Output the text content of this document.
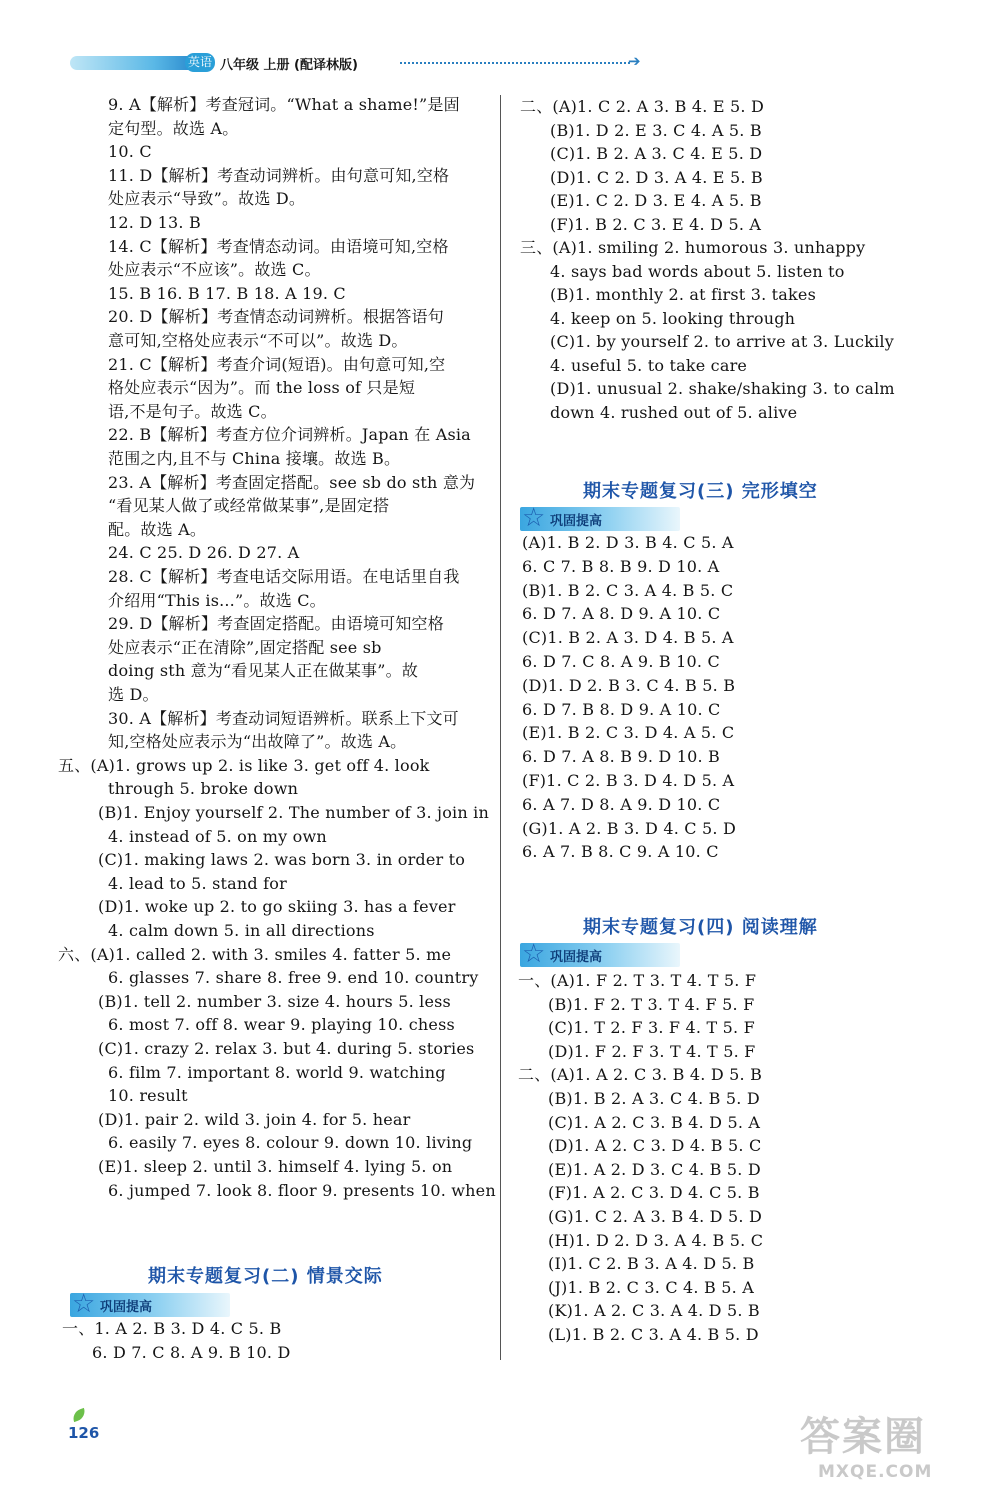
英语 八年级 上册 (配译林版)	➔
9. A【解析】考查冠词。“What a shame!”是固
定句型。故选 A。
10. C
11. D【解析】考查动词辨析。由句意可知,空格
处应表示“导致”。故选 D。
12. D 13. B
14. C【解析】考查情态动词。由语境可知,空格
处应表示“不应该”。故选 C。
15. B 16. B 17. B 18. A 19. C
20. D【解析】考查情态动词辨析。根据答语句
意可知,空格处应表示“不可以”。故选 D。
21. C【解析】考查介词(短语)。由句意可知,空
格处应表示“因为”。而 the loss of 只是短
语,不是句子。故选 C。
22. B【解析】考查方位介词辨析。Japan 在 Asia
范围之内,且不与 China 接壤。故选 B。
23. A【解析】考查固定搭配。see sb do sth 意为
“看见某人做了或经常做某事”,是固定搭
配。故选 A。
24. C 25. D 26. D 27. A
28. C【解析】考查电话交际用语。在电话里自我
介绍用“This is...”。故选 C。
29. D【解析】考查固定搭配。由语境可知空格
处应表示“正在清除”,固定搭配 see sb
doing sth 意为“看见某人正在做某事”。故
选 D。
30. A【解析】考查动词短语辨析。联系上下文可
知,空格处应表示为“出故障了”。故选 A。
五、(A)1. grows up 2. is like 3. get off 4. look
through 5. broke down
(B)1. Enjoy yourself 2. The number of 3. join in
4. instead of 5. on my own
(C)1. making laws 2. was born 3. in order to
4. lead to 5. stand for
(D)1. woke up 2. to go skiing 3. has a fever
4. calm down 5. in all directions
六、(A)1. called 2. with 3. smiles 4. fatter 5. me
6. glasses 7. share 8. free 9. end 10. country
(B)1. tell 2. number 3. size 4. hours 5. less
6. most 7. off 8. wear 9. playing 10. chess
(C)1. crazy 2. relax 3. but 4. during 5. stories
6. film 7. important 8. world 9. watching
10. result
(D)1. pair 2. wild 3. join 4. for 5. hear
6. easily 7. eyes 8. colour 9. down 10. living
(E)1. sleep 2. until 3. himself 4. lying 5. on
6. jumped 7. look 8. floor 9. presents 10. when
期末专题复习(二) 情景交际
☆ 巩固提高
一、1. A 2. B 3. D 4. C 5. B
6. D 7. C 8. A 9. B 10. D
二、(A)1. C 2. A 3. B 4. E 5. D
(B)1. D 2. E 3. C 4. A 5. B
(C)1. B 2. A 3. C 4. E 5. D
(D)1. C 2. D 3. A 4. E 5. B
(E)1. C 2. D 3. E 4. A 5. B
(F)1. B 2. C 3. E 4. D 5. A
三、(A)1. smiling 2. humorous 3. unhappy
4. says bad words about 5. listen to
(B)1. monthly 2. at first 3. takes
4. keep on 5. looking through
(C)1. by yourself 2. to arrive at 3. Luckily
4. useful 5. to take care
(D)1. unusual 2. shake/shaking 3. to calm
down 4. rushed out of 5. alive
期末专题复习(三) 完形填空
☆ 巩固提高
(A)1. B 2. D 3. B 4. C 5. A
6. C 7. B 8. B 9. D 10. A
(B)1. B 2. C 3. A 4. B 5. C
6. D 7. A 8. D 9. A 10. C
(C)1. B 2. A 3. D 4. B 5. A
6. D 7. C 8. A 9. B 10. C
(D)1. D 2. B 3. C 4. B 5. B
6. D 7. B 8. D 9. A 10. C
(E)1. B 2. C 3. D 4. A 5. C
6. D 7. A 8. B 9. D 10. B
(F)1. C 2. B 3. D 4. D 5. A
6. A 7. D 8. A 9. D 10. C
(G)1. A 2. B 3. D 4. C 5. D
6. A 7. B 8. C 9. A 10. C
期末专题复习(四) 阅读理解
☆ 巩固提高
一、(A)1. F 2. T 3. T 4. T 5. F
(B)1. F 2. T 3. T 4. F 5. F
(C)1. T 2. F 3. F 4. T 5. F
(D)1. F 2. F 3. T 4. T 5. F
二、(A)1. A 2. C 3. B 4. D 5. B
(B)1. B 2. A 3. C 4. B 5. D
(C)1. A 2. C 3. B 4. D 5. A
(D)1. A 2. C 3. D 4. B 5. C
(E)1. A 2. D 3. C 4. B 5. D
(F)1. A 2. C 3. D 4. C 5. B
(G)1. C 2. A 3. B 4. D 5. D
(H)1. D 2. D 3. A 4. B 5. C
(I)1. C 2. B 3. A 4. D 5. B
(J)1. B 2. C 3. C 4. B 5. A
(K)1. A 2. C 3. A 4. D 5. B
(L)1. B 2. C 3. A 4. B 5. D
126	答案圈
MXQE.COM
